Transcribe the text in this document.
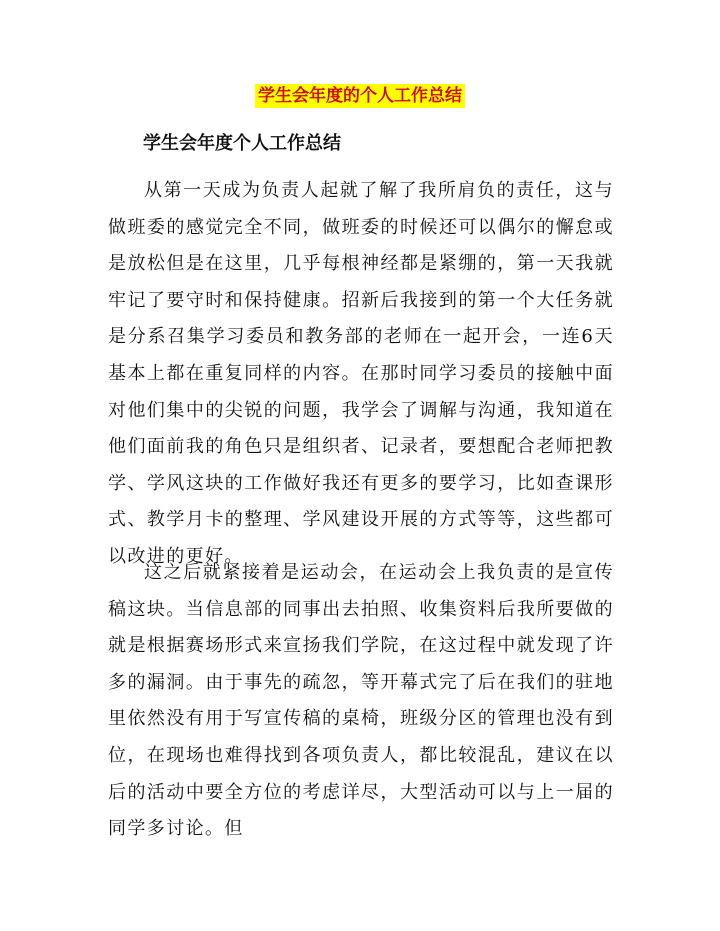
学生会年度的个人工作总结
学生会年度个人工作总结
从第一天成为负责人起就了解了我所肩负的责任，这与做班委的感觉完全不同，做班委的时候还可以偶尔的懈怠或是放松但是在这里，几乎每根神经都是紧绷的，第一天我就牢记了要守时和保持健康。招新后我接到的第一个大任务就是分系召集学习委员和教务部的老师在一起开会，一连6天基本上都在重复同样的内容。在那时同学习委员的接触中面对他们集中的尖锐的问题，我学会了调解与沟通，我知道在他们面前我的角色只是组织者、记录者，要想配合老师把教学、学风这块的工作做好我还有更多的要学习，比如查课形式、教学月卡的整理、学风建设开展的方式等等，这些都可以改进的更好。
这之后就紧接着是运动会，在运动会上我负责的是宣传稿这块。当信息部的同事出去拍照、收集资料后我所要做的就是根据赛场形式来宣扬我们学院，在这过程中就发现了许多的漏洞。由于事先的疏忽，等开幕式完了后在我们的驻地里依然没有用于写宣传稿的桌椅，班级分区的管理也没有到位，在现场也难得找到各项负责人，都比较混乱，建议在以后的活动中要全方位的考虑详尽，大型活动可以与上一届的同学多讨论。但
